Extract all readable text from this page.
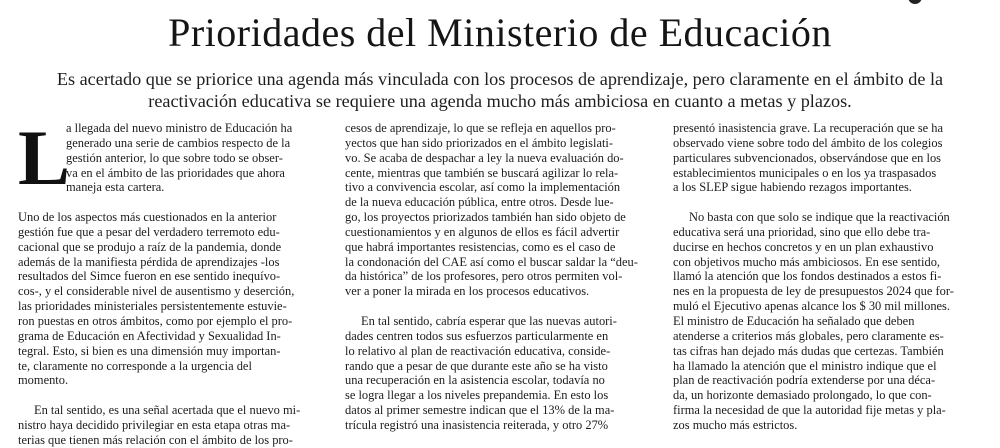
Prioridades del Ministerio de Educación
Es acertado que se priorice una agenda más vinculada con los procesos de aprendizaje, pero claramente en el ámbito de la
reactivación educativa se requiere una agenda mucho más ambiciosa en cuanto a metas y plazos.
L
a llegada del nuevo ministro de Educación ha
generado una serie de cambios respecto de la
gestión anterior, lo que sobre todo se obser-
va en el ámbito de las prioridades que ahora
maneja esta cartera.
Uno de los aspectos más cuestionados en la anterior
gestión fue que a pesar del verdadero terremoto edu-
cacional que se produjo a raíz de la pandemia, donde
además de la manifiesta pérdida de aprendizajes -los
resultados del Simce fueron en ese sentido inequívo-
cos-, y el considerable nivel de ausentismo y deserción,
las prioridades ministeriales persistentemente estuvie-
ron puestas en otros ámbitos, como por ejemplo el pro-
grama de Educación en Afectividad y Sexualidad In-
tegral. Esto, si bien es una dimensión muy importan-
te, claramente no corresponde a la urgencia del
momento.
En tal sentido, es una señal acertada que el nuevo mi-
nistro haya decidido privilegiar en esta etapa otras ma-
terias que tienen más relación con el ámbito de los pro-
cesos de aprendizaje, lo que se refleja en aquellos pro-
yectos que han sido priorizados en el ámbito legislati-
vo. Se acaba de despachar a ley la nueva evaluación do-
cente, mientras que también se buscará agilizar lo rela-
tivo a convivencia escolar, así como la implementación
de la nueva educación pública, entre otros. Desde lue-
go, los proyectos priorizados también han sido objeto de
cuestionamientos y en algunos de ellos es fácil advertir
que habrá importantes resistencias, como es el caso de
la condonación del CAE así como el buscar saldar la “deu-
da histórica” de los profesores, pero otros permiten vol-
ver a poner la mirada en los procesos educativos.
En tal sentido, cabría esperar que las nuevas autori-
dades centren todos sus esfuerzos particularmente en
lo relativo al plan de reactivación educativa, conside-
rando que a pesar de que durante este año se ha visto
una recuperación en la asistencia escolar, todavía no
se logra llegar a los niveles prepandemia. En esto los
datos al primer semestre indican que el 13% de la ma-
trícula registró una inasistencia reiterada, y otro 27%
presentó inasistencia grave. La recuperación que se ha
observado viene sobre todo del ámbito de los colegios
particulares subvencionados, observándose que en los
establecimientos municipales o en los ya traspasados
a los SLEP sigue habiendo rezagos importantes.
No basta con que solo se indique que la reactivación
educativa será una prioridad, sino que ello debe tra-
ducirse en hechos concretos y en un plan exhaustivo
con objetivos mucho más ambiciosos. En ese sentido,
llamó la atención que los fondos destinados a estos fi-
nes en la propuesta de ley de presupuestos 2024 que for-
muló el Ejecutivo apenas alcance los $ 30 mil millones.
El ministro de Educación ha señalado que deben
atenderse a criterios más globales, pero claramente es-
tas cifras han dejado más dudas que certezas. También
ha llamado la atención que el ministro indique que el
plan de reactivación podría extenderse por una déca-
da, un horizonte demasiado prolongado, lo que con-
firma la necesidad de que la autoridad fije metas y pla-
zos mucho más estrictos.
